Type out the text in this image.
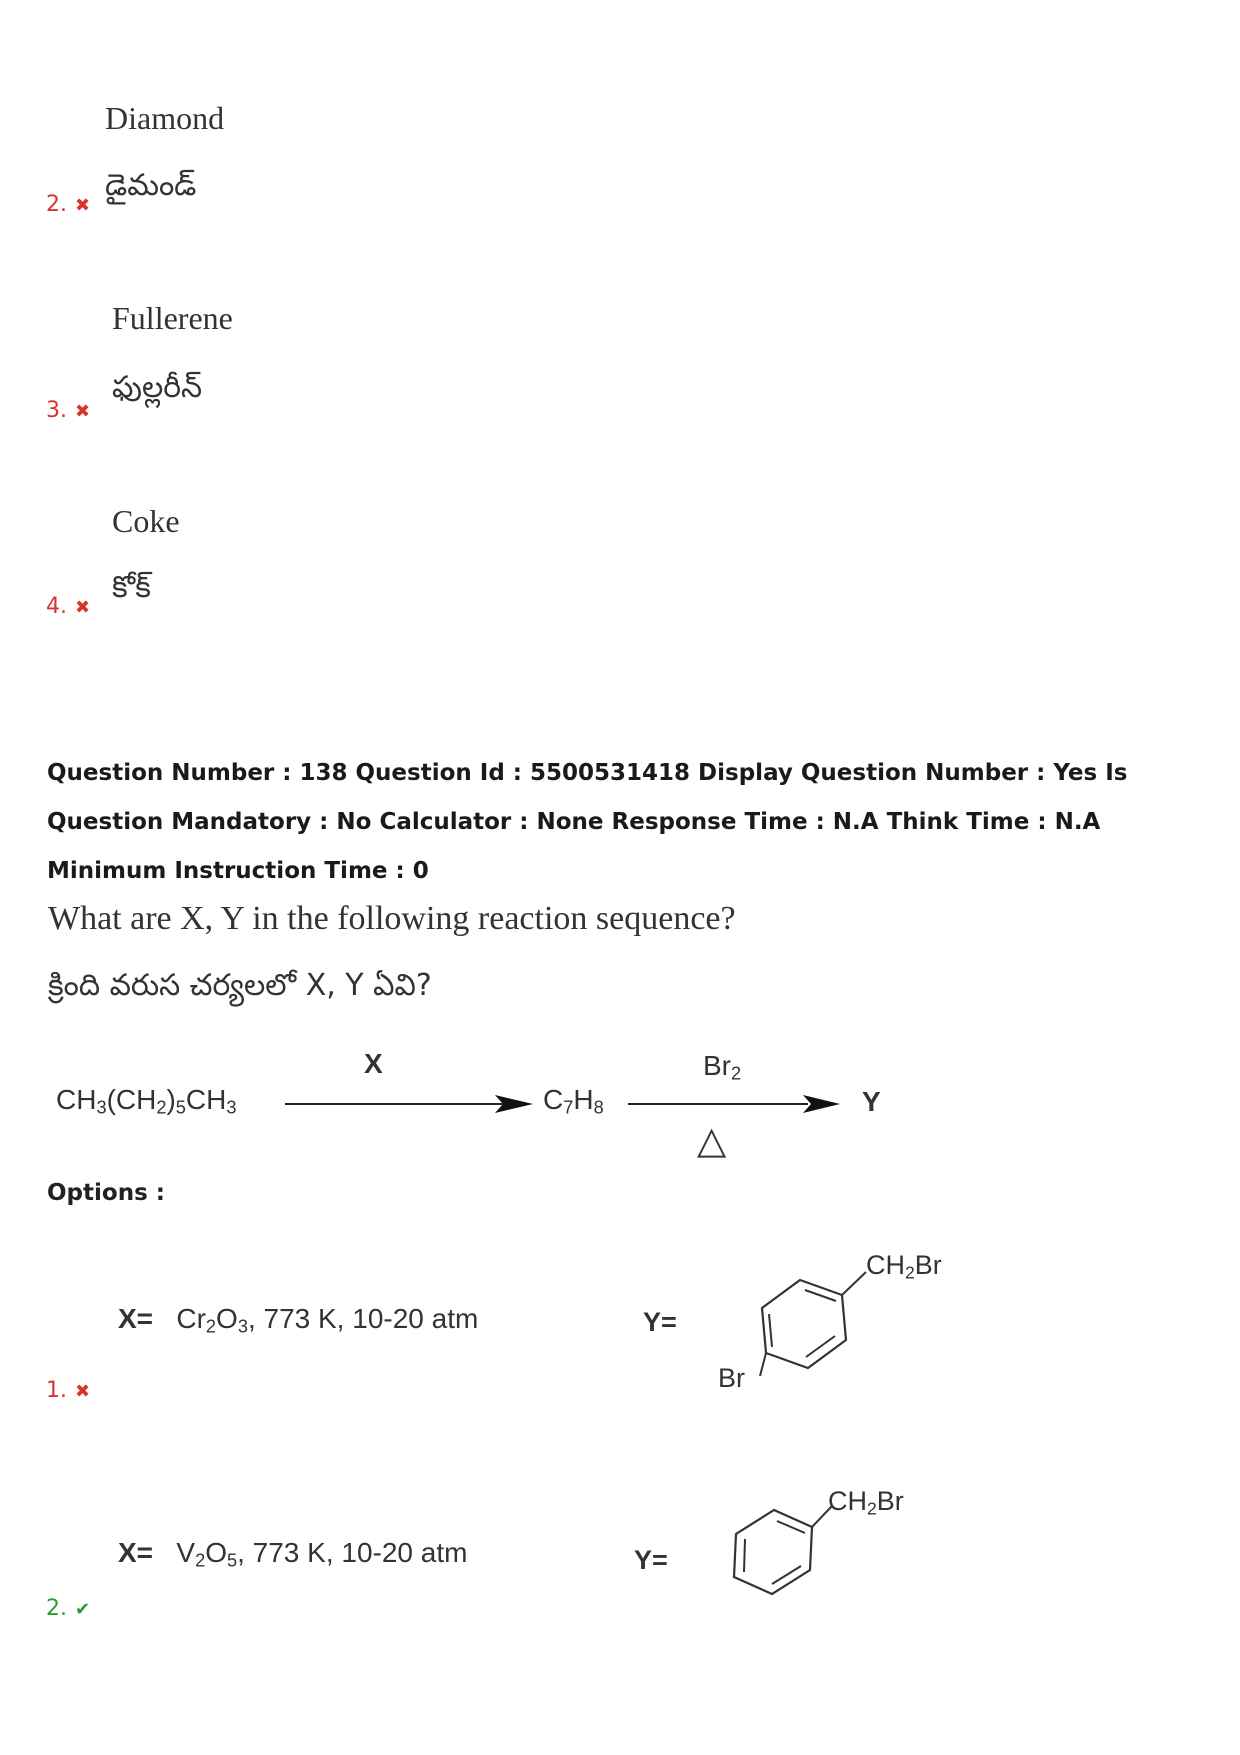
Diamond
డైమండ్
2. ✖
Fullerene
ఫుల్లరీన్
3. ✖
Coke
కోక్
4. ✖
Question Number : 138 Question Id : 5500531418 Display Question Number : Yes Is Question Mandatory : No Calculator : None Response Time : N.A Think Time : N.A Minimum Instruction Time : 0
What are X, Y in the following reaction sequence?
క్రింది వరుస చర్యలలో X, Y ఏవి?
$CH_3(CH_2)_5CH_3$
X
$C_7H_8$
$Br_2$
△
Y
Options :
$X= Cr_2O_3$, 773 K, 10-20 atm	Y=
$CH_2Br$
Br
1. ✖
$X= V_2O_5$, 773 K, 10-20 atm	Y=
$CH_2Br$
2. ✔
